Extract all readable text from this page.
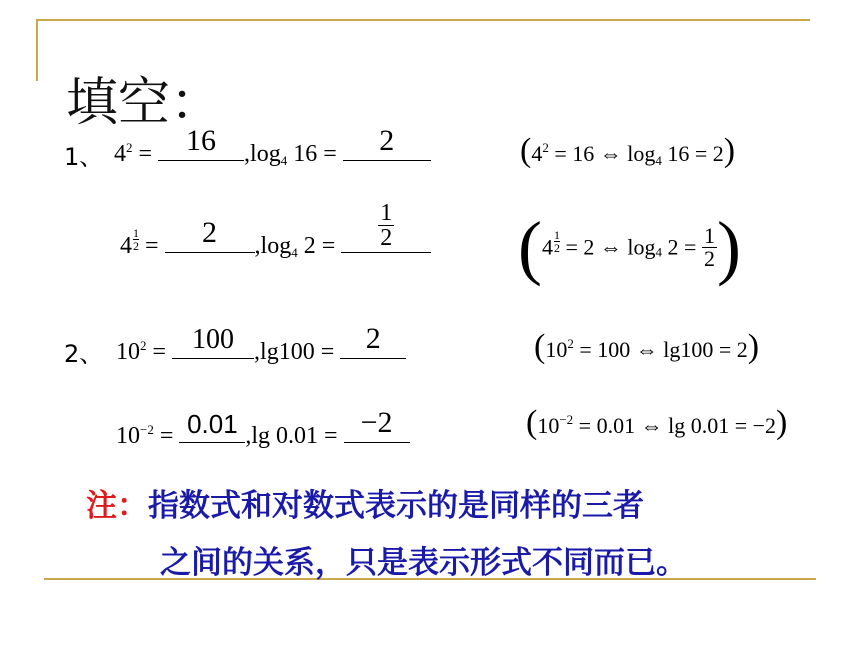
填空：
1、 $4^2 = 16$	$,\log_4$ 16 =	2	($4^2 = 16$ ⇔ $\log_4 16 = 2$)
$4 \frac{1}{2}$ =	2	$,\log_4$ $2 = \frac{1}{2} (4 \frac{1}{2} = 2$ ⇔ $\log_4 2 = \frac{1}{2}$ )
2、 $10^2 = 100$ ,lg100 = 2	($10^2 = 100$ ⇔ lg100 = 2)
$10^{-2} = 0.01$ ,lg 0.01 = −2	($10^{-2} = 0.01$ ⇔ lg 0.01 = −2)
注：指数式和对数式表示的是同样的三者
之间的关系，只是表示形式不同而已。
